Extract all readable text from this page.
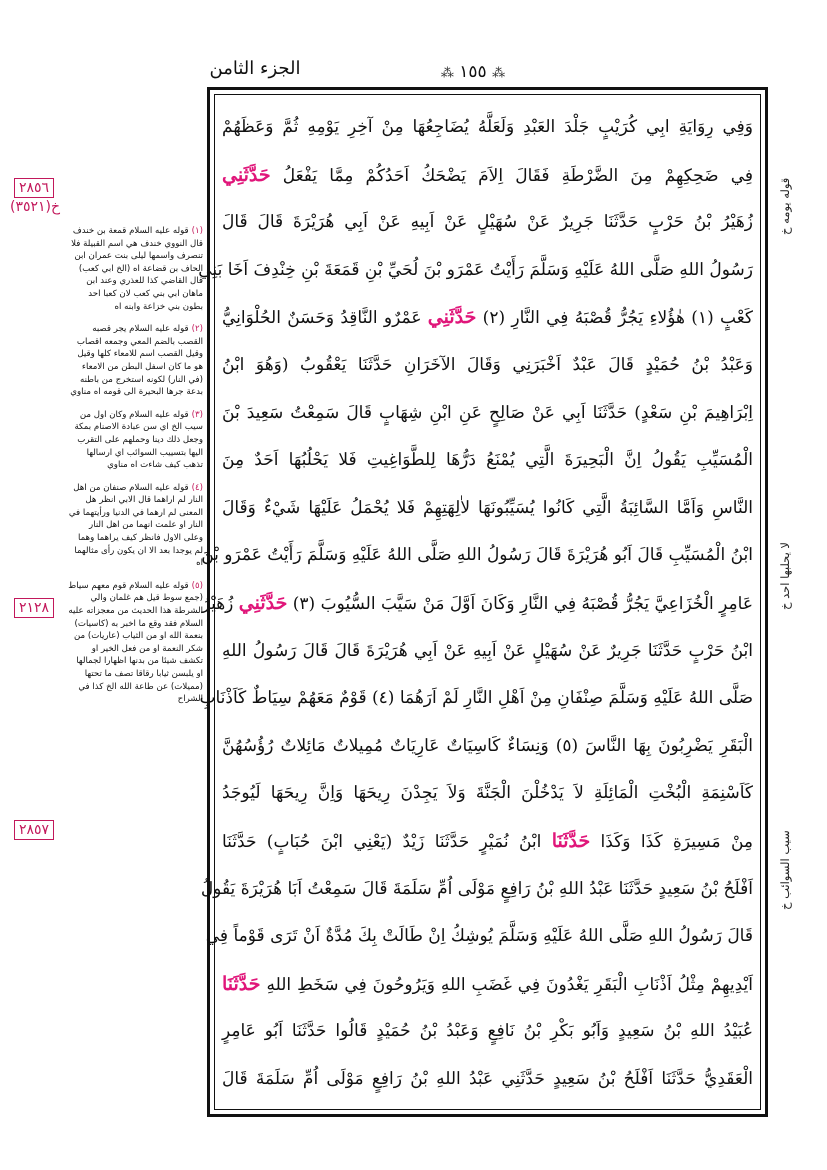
الجزء الثامن	⁂ ١٥٥ ⁂
وَفِي رِوَايَةِ ابِي كُرَيْبٍ جَلْدَ العَبْدِ وَلَعَلَّهُ يُضَاجِعُهَا مِنْ آخِرِ يَوْمِهِ ثُمَّ وَعَظَهُمْ
فِي ضَحِكِهِمْ مِنَ الضَّرْطَةِ فَقَالَ اِلاَمَ يَضْحَكُ اَحَدُكُمْ مِمَّا يَفْعَلُ حَدَّثَنِي
زُهَيْرُ بْنُ حَرْبٍ حَدَّثَنَا جَرِيرٌ عَنْ سُهَيْلٍ عَنْ اَبِيهِ عَنْ اَبِي هُرَيْرَةَ قَالَ قَالَ
رَسُولُ اللهِ صَلَّى اللهُ عَلَيْهِ وَسَلَّمَ رَأَيْتُ عَمْرَو بْنَ لُحَيِّ بْنِ قَمَعَةَ بْنِ خِنْدِفَ اَخَا بَنِي
كَعْبٍ (١) هٰؤُلاءِ يَجُرُّ قُصْبَهُ فِي النَّارِ (٢) حَدَّثَنِي عَمْرٌو النَّاقِدُ وَحَسَنٌ الحُلْوَانِيُّ
وَعَبْدُ بْنُ حُمَيْدٍ قَالَ عَبْدٌ اَخْبَرَنِي وَقَالَ الآخَرَانِ حَدَّثَنَا يَعْقُوبُ (وَهُوَ ابْنُ
اِبْرَاهِيمَ بْنِ سَعْدٍ) حَدَّثَنَا اَبِي عَنْ صَالِحٍ عَنِ ابْنِ شِهَابٍ قَالَ سَمِعْتُ سَعِيدَ بْنَ
الْمُسَيِّبِ يَقُولُ اِنَّ الْبَحِيرَةَ الَّتِي يُمْنَعُ دَرُّهَا لِلطَّوَاغِيتِ فَلا يَحْلُبُهَا اَحَدٌ مِنَ
النَّاسِ وَاَمَّا السَّائِبَةُ الَّتِي كَانُوا يُسَيِّبُونَهَا لاٰلِهَتِهِمْ فَلا يُحْمَلُ عَلَيْهَا شَيْءٌ وَقَالَ
ابْنُ الْمُسَيِّبِ قَالَ اَبُو هُرَيْرَةَ قَالَ رَسُولُ اللهِ صَلَّى اللهُ عَلَيْهِ وَسَلَّمَ رَأَيْتُ عَمْرَو بْنَ
عَامِرٍ الْخُزَاعِيَّ يَجُرُّ قُصْبَهُ فِي النَّارِ وَكَانَ اَوَّلَ مَنْ سَيَّبَ السُّيُوبَ (٣) حَدَّثَنِي زُهَيْرُ
ابْنُ حَرْبٍ حَدَّثَنَا جَرِيرٌ عَنْ سُهَيْلٍ عَنْ اَبِيهِ عَنْ اَبِي هُرَيْرَةَ قَالَ قَالَ رَسُولُ اللهِ
صَلَّى اللهُ عَلَيْهِ وَسَلَّمَ صِنْفَانِ مِنْ اَهْلِ النَّارِ لَمْ اَرَهُمَا (٤) قَوْمٌ مَعَهُمْ سِيَاطٌ كَاَذْنَابِ
الْبَقَرِ يَضْرِبُونَ بِهَا النَّاسَ (٥) وَنِسَاءٌ كَاسِيَاتٌ عَارِيَاتٌ مُمِيلاتٌ مَائِلاتٌ رُؤُسُهُنَّ
كَاَسْنِمَةِ الْبُخْتِ الْمَائِلَةِ لاَ يَدْخُلْنَ الْجَنَّةَ وَلاَ يَجِدْنَ رِيحَهَا وَاِنَّ رِيحَهَا لَيُوجَدُ
مِنْ مَسِيرَةِ كَذَا وَكَذَا حَدَّثَنَا ابْنُ نُمَيْرٍ حَدَّثَنَا زَيْدٌ (يَعْنِي ابْنَ حُبَابٍ) حَدَّثَنَا
اَفْلَحُ بْنُ سَعِيدٍ حَدَّثَنَا عَبْدُ اللهِ بْنُ رَافِعٍ مَوْلَى اُمِّ سَلَمَةَ قَالَ سَمِعْتُ اَبَا هُرَيْرَةَ يَقُولُ
قَالَ رَسُولُ اللهِ صَلَّى اللهُ عَلَيْهِ وَسَلَّمَ يُوشِكُ اِنْ طَالَتْ بِكَ مُدَّةٌ اَنْ تَرَى قَوْماً فِي
اَيْدِيهِمْ مِثْلُ اَذْنَابِ الْبَقَرِ يَغْدُونَ فِي غَضَبِ اللهِ وَيَرُوحُونَ فِي سَخَطِ اللهِ حَدَّثَنَا
عُبَيْدُ اللهِ بْنُ سَعِيدٍ وَاَبُو بَكْرِ بْنُ نَافِعٍ وَعَبْدُ بْنُ حُمَيْدٍ قَالُوا حَدَّثَنَا اَبُو عَامِرٍ
الْعَقَدِيُّ حَدَّثَنَا اَفْلَحُ بْنُ سَعِيدٍ حَدَّثَنِي عَبْدُ اللهِ بْنُ رَافِعٍ مَوْلَى اُمِّ سَلَمَةَ قَالَ
(١)
قوله عليه السلام قمعة بن خندف قال النووي خندف هي اسم القبيلة فلا تنصرف واسمها ليلى بنت عمران ابن الحاف بن قضاعة اه (الخ ابي كعب) قال القاضي كذا للعذري وعند ابن ماهان ابي بني كعب لان كعبا احد بطون بني خزاعة وابنه اه
(٢)
قوله عليه السلام يجر قصبه القصب بالضم المعي وجمعه اقصاب وقيل القصب اسم للامعاء كلها وقيل هو ما كان اسفل البطن من الامعاء (في النار) لكونه استخرج من باطنه بدعة جرها البحيرة الى قومه اه مناوي
(٣)
قوله عليه السلام وكان اول من سيب الخ اي سن عبادة الاصنام بمكة وجعل ذلك دينا وحملهم على التقرب اليها بتسييب السوائب اي ارسالها تذهب كيف شاءت اه مناوي
(٤)
قوله عليه السلام صنفان من اهل النار لم اراهما قال الابي انظر هل المعنى لم ارهما في الدنيا ورأيتهما في النار او علمت انهما من اهل النار وعلى الاول فانظر كيف يراهما وهما لم يوجدا بعد الا ان يكون رأى مثالهما اه
(٥)
قوله عليه السلام قوم معهم سياط (جمع سوط قيل هم غلمان والي الشرطة هذا الحديث من معجزاته عليه السلام فقد وقع ما اخبر به (كاسيات) بنعمة الله او من الثياب (عاريات) من شكر النعمة او من فعل الخير او تكشف شيئا من بدنها اظهارا لجمالها او يلبسن ثيابا رقاقا تصف ما تحتها (مميلات) عن طاعة الله الخ كذا في الشراح
٢٨٥٦
خ(٣٥٢١)
٢١٢٨
٢٨٥٧
قوله يومه خ
لا يحلبها احد خ
سيب السوائب خ
